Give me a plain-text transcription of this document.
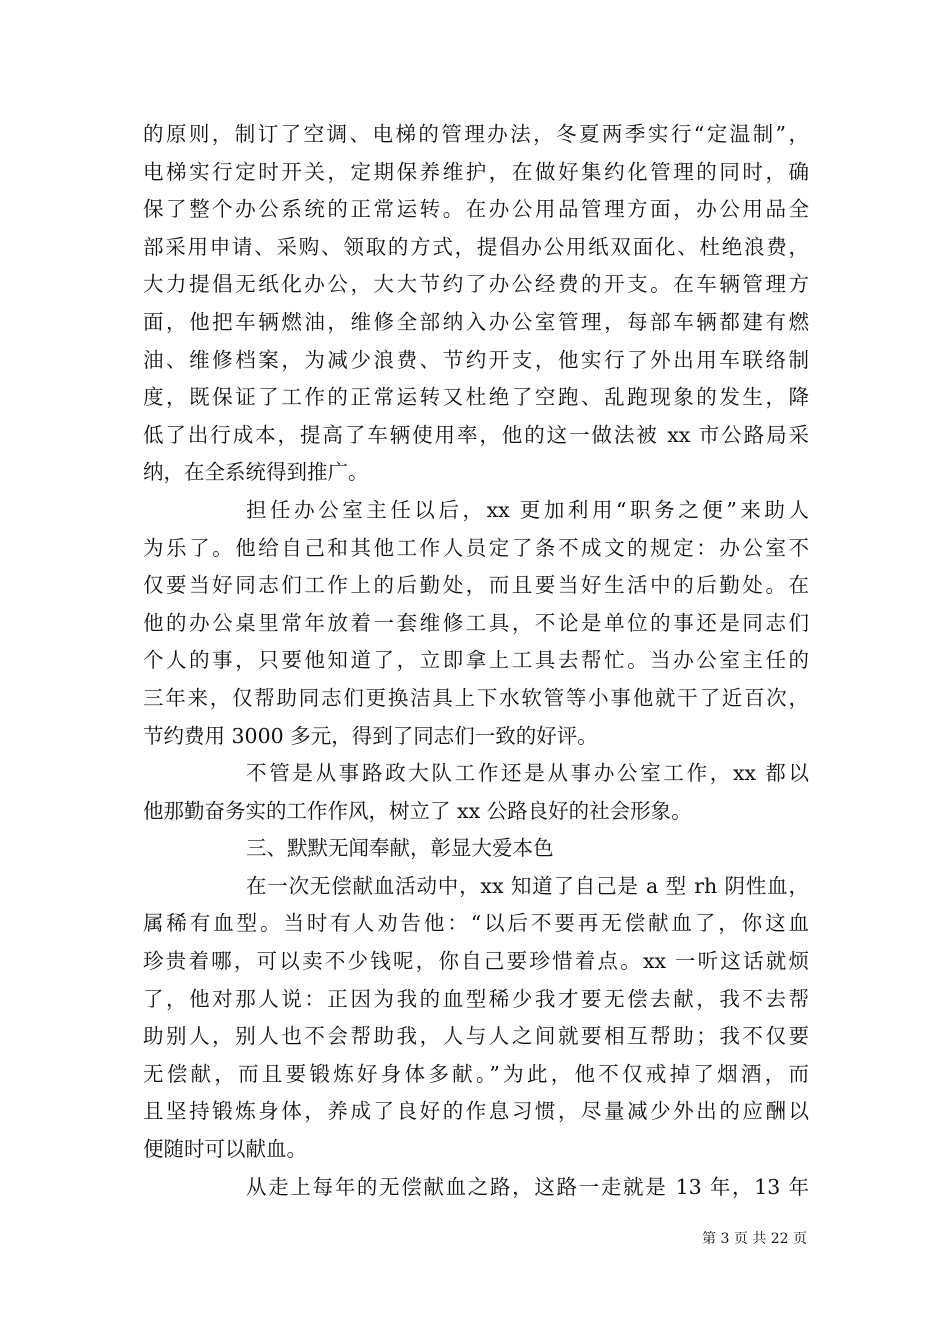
的原则，制订了空调、电梯的管理办法，冬夏两季实行“定温制”，
电梯实行定时开关，定期保养维护，在做好集约化管理的同时，确
保了整个办公系统的正常运转。在办公用品管理方面，办公用品全
部采用申请、采购、领取的方式，提倡办公用纸双面化、杜绝浪费，
大力提倡无纸化办公，大大节约了办公经费的开支。在车辆管理方
面，他把车辆燃油，维修全部纳入办公室管理，每部车辆都建有燃
油、维修档案，为减少浪费、节约开支，他实行了外出用车联络制
度，既保证了工作的正常运转又杜绝了空跑、乱跑现象的发生，降
低了出行成本，提高了车辆使用率，他的这一做法被 xx 市公路局采
纳，在全系统得到推广。
担任办公室主任以后，xx 更加利用“职务之便”来助人
为乐了。他给自己和其他工作人员定了条不成文的规定：办公室不
仅要当好同志们工作上的后勤处，而且要当好生活中的后勤处。在
他的办公桌里常年放着一套维修工具，不论是单位的事还是同志们
个人的事，只要他知道了，立即拿上工具去帮忙。当办公室主任的
三年来，仅帮助同志们更换洁具上下水软管等小事他就干了近百次，
节约费用 3000 多元，得到了同志们一致的好评。
不管是从事路政大队工作还是从事办公室工作，xx 都以
他那勤奋务实的工作作风，树立了 xx 公路良好的社会形象。
三、默默无闻奉献，彰显大爱本色
在一次无偿献血活动中，xx 知道了自己是 a 型 rh 阴性血，
属稀有血型。当时有人劝告他：“以后不要再无偿献血了，你这血
珍贵着哪，可以卖不少钱呢，你自己要珍惜着点。xx 一听这话就烦
了，他对那人说：正因为我的血型稀少我才要无偿去献，我不去帮
助别人，别人也不会帮助我，人与人之间就要相互帮助；我不仅要
无偿献，而且要锻炼好身体多献。”为此，他不仅戒掉了烟酒，而
且坚持锻炼身体，养成了良好的作息习惯，尽量减少外出的应酬以
便随时可以献血。
从走上每年的无偿献血之路，这路一走就是 13 年，13 年
第 3 页 共 22 页
